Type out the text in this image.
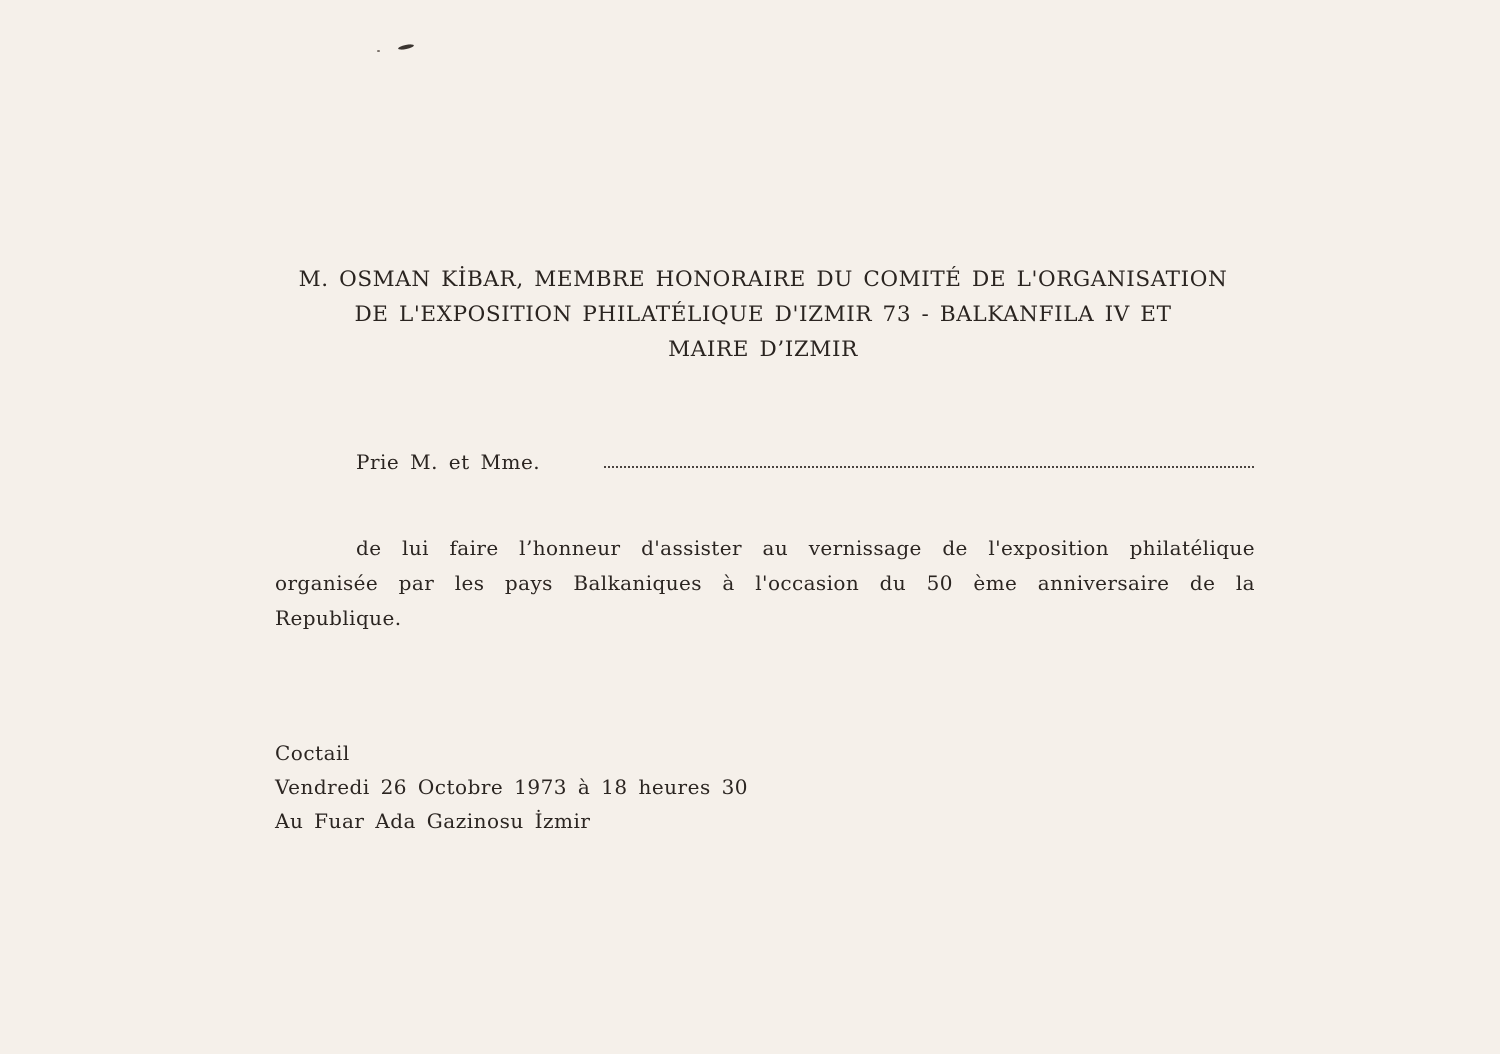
M. OSMAN KİBAR, MEMBRE HONORAIRE DU COMITÉ DE L'ORGANISATION
DE L'EXPOSITION PHILATÉLIQUE D'IZMIR 73 - BALKANFILA IV ET
MAIRE D’IZMIR
Prie M. et Mme.
de lui faire l’honneur d'assister au vernissage de l'exposition philatélique
organisée par les pays Balkaniques à l'occasion du 50 ème anniversaire de la
Republique.
Coctail
Vendredi 26 Octobre 1973 à 18 heures 30
Au Fuar Ada Gazinosu İzmir
